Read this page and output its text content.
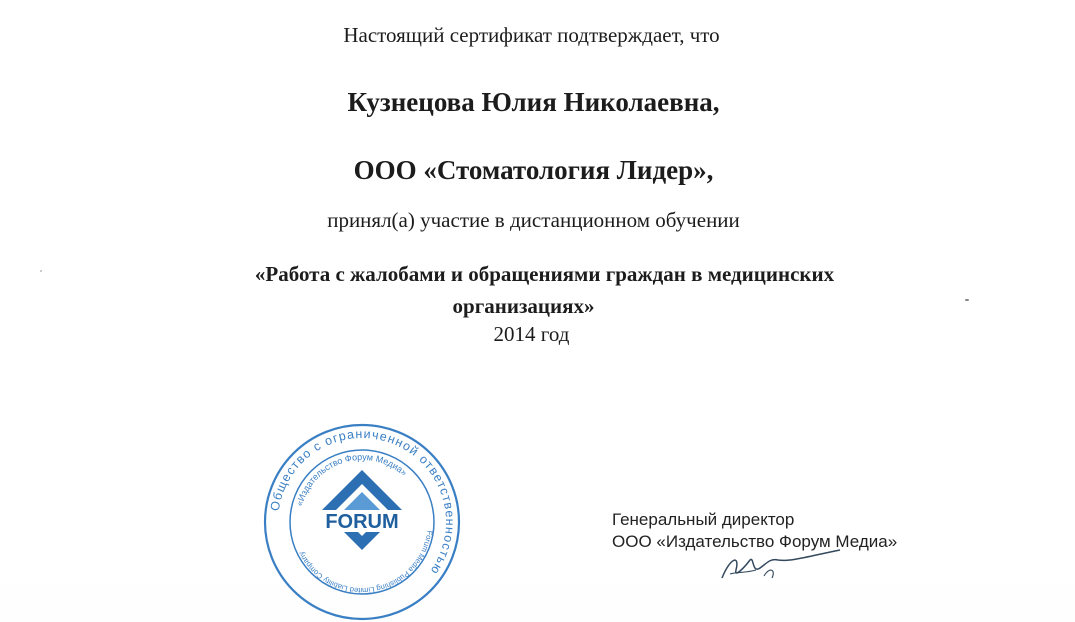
Настоящий сертификат подтверждает, что
Кузнецова Юлия Николаевна,
ООО «Стоматология Лидер»,
принял(а) участие в дистанционном обучении
«Работа с жалобами и обращениями граждан в медицинских
организациях»
2014 год
Общество с ограниченной ответственностью
«Издательство Форум Медиа»
Forum Media Publishing Limited Liability Company
FORUM	Генеральный директор
ООО «Издательство Форум Медиа»
